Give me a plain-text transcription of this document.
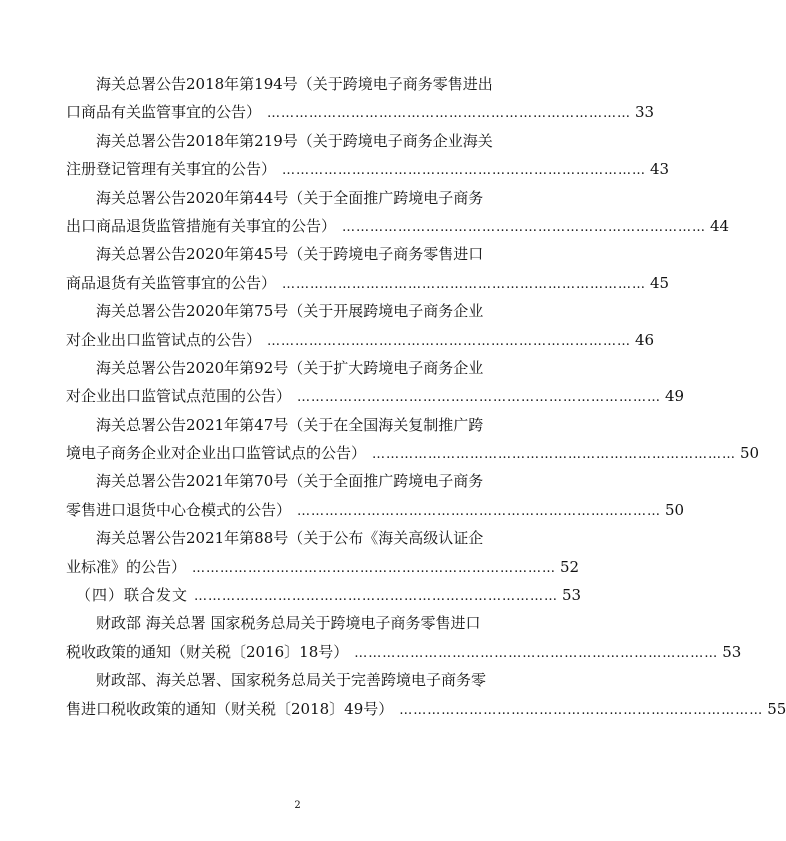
海关总署公告2018年第194号（关于跨境电子商务零售进出
口商品有关监管事宜的公告） …………………………………………………………………… 33
海关总署公告2018年第219号（关于跨境电子商务企业海关
注册登记管理有关事宜的公告） …………………………………………………………………… 43
海关总署公告2020年第44号（关于全面推广跨境电子商务
出口商品退货监管措施有关事宜的公告） …………………………………………………………………… 44
海关总署公告2020年第45号（关于跨境电子商务零售进口
商品退货有关监管事宜的公告） …………………………………………………………………… 45
海关总署公告2020年第75号（关于开展跨境电子商务企业
对企业出口监管试点的公告） …………………………………………………………………… 46
海关总署公告2020年第92号（关于扩大跨境电子商务企业
对企业出口监管试点范围的公告） …………………………………………………………………… 49
海关总署公告2021年第47号（关于在全国海关复制推广跨
境电子商务企业对企业出口监管试点的公告） …………………………………………………………………… 50
海关总署公告2021年第70号（关于全面推广跨境电子商务
零售进口退货中心仓模式的公告） …………………………………………………………………… 50
海关总署公告2021年第88号（关于公布《海关高级认证企
业标准》的公告） …………………………………………………………………… 52
（四）联合发文 …………………………………………………………………… 53
财政部 海关总署 国家税务总局关于跨境电子商务零售进口
税收政策的通知（财关税〔2016〕18号） …………………………………………………………………… 53
财政部、海关总署、国家税务总局关于完善跨境电子商务零
售进口税收政策的通知（财关税〔2018〕49号） …………………………………………………………………… 55
2
